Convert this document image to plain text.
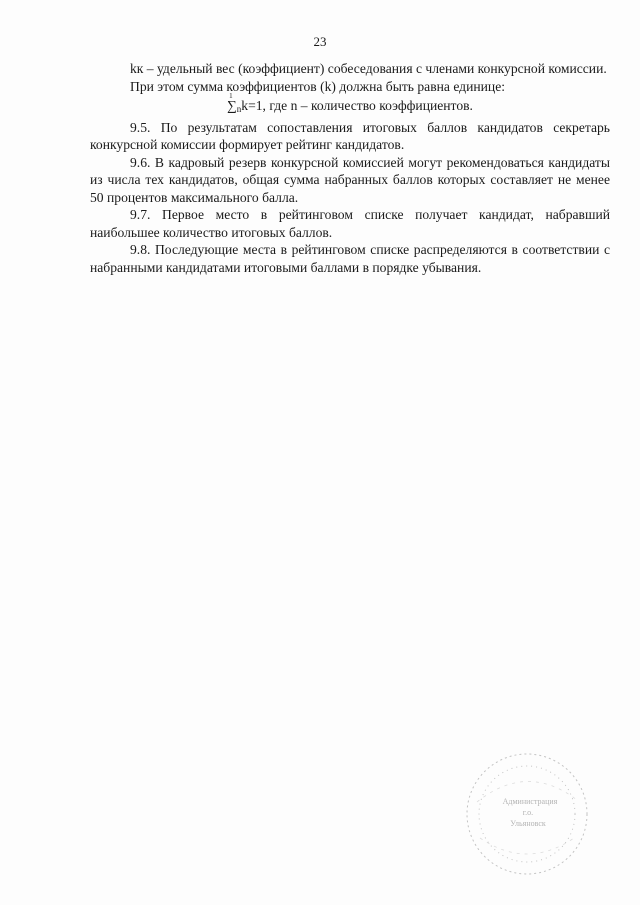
23

kк – удельный вес (коэффициент) собеседования с членами конкурсной комиссии.

При этом сумма коэффициентов (k) должна быть равна единице:

∑
1
nk=1, где n – количество коэффициентов.

9.5. По результатам сопоставления итоговых баллов кандидатов секретарь конкурсной комиссии формирует рейтинг кандидатов.

9.6. В кадровый резерв конкурсной комиссией могут рекомендоваться кандидаты из числа тех кандидатов, общая сумма набранных баллов которых составляет не менее 50 процентов максимального балла.

9.7. Первое место в рейтинговом списке получает кандидат, набравший наибольшее количество итоговых баллов.

9.8. Последующие места в рейтинговом списке распределяются в соответствии с набранными кандидатами итоговыми баллами в порядке убывания.

Администрация
г.о.
Ульяновск
